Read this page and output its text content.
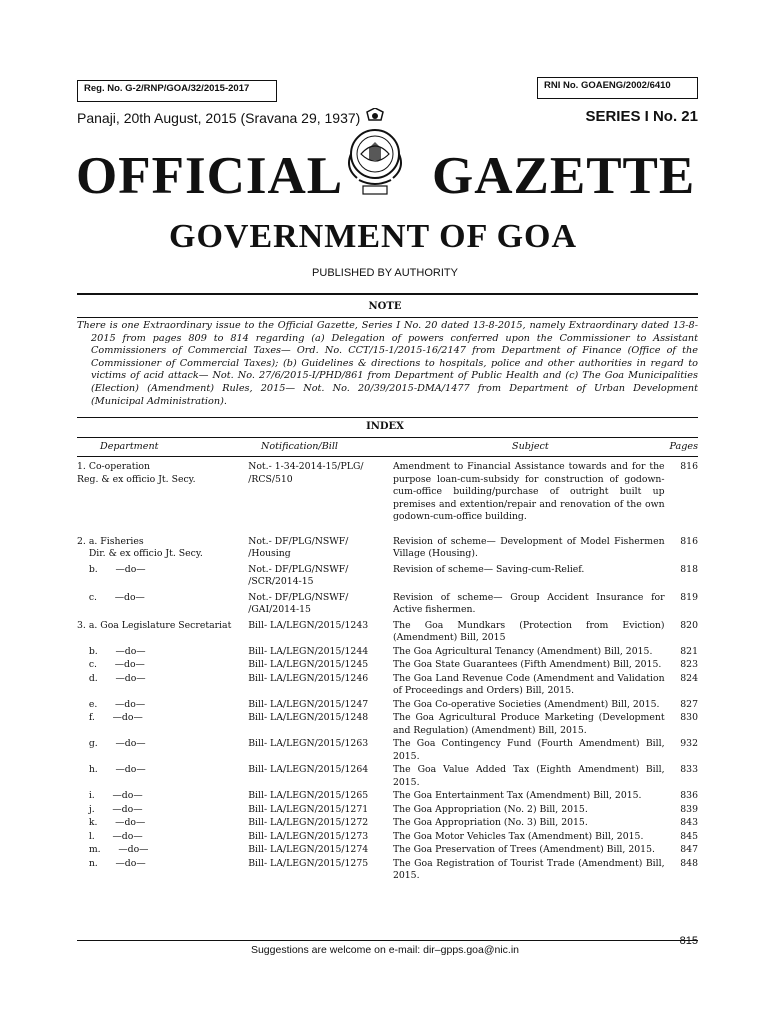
Reg. No. G-2/RNP/GOA/32/2015-2017	RNI No. GOAENG/2002/6410
Panaji, 20th August, 2015 (Sravana 29, 1937)	SERIES I No. 21
OFFICIAL GAZETTE
GOVERNMENT OF GOA
PUBLISHED BY AUTHORITY
NOTE

There is one Extraordinary issue to the Official Gazette, Series I No. 20 dated 13-8-2015, namely Extraordinary dated 13-8-2015 from pages 809 to 814 regarding (a) Delegation of powers conferred upon the Commissioner to Assistant Commissioners of Commercial Taxes— Ord. No. CCT/15-1/2015-16/2147 from Department of Finance (Office of the Commissioner of Commercial Taxes); (b) Guidelines & directions to hospitals, police and other authorities in regard to victims of acid attack— Not. No. 27/6/2015-I/PHD/861 from Department of Public Health and (c) The Goa Municipalities (Election) (Amendment) Rules, 2015— Not. No. 20/39/2015-DMA/1477 from Department of Urban Development (Municipal Administration).

INDEX
Department	Notification/Bill	Subject	Pages
1. Co-operation
Reg. & ex officio Jt. Secy.	Not.- 1-34-2014-15/PLG/
/RCS/510	Amendment to Financial Assistance towards and for the purpose loan-cum-subsidy for construction of godown-cum-office building/purchase of outright built up premises and extention/repair and renovation of the own godown-cum-office building.	816
2. a. Fisheries
Dir. & ex officio Jt. Secy.	Not.- DF/PLG/NSWF/
/Housing	Revision of scheme— Development of Model Fishermen Village (Housing).	816
b.      —do—	Not.- DF/PLG/NSWF/
/SCR/2014-15	Revision of scheme— Saving-cum-Relief.	818
c.      —do—	Not.- DF/PLG/NSWF/
/GAI/2014-15	Revision of scheme— Group Accident Insurance for Active fishermen.	819
3. a. Goa Legislature Secretariat	Bill- LA/LEGN/2015/1243	The Goa Mundkars (Protection from Eviction) (Amendment) Bill, 2015	820
b.      —do—	Bill- LA/LEGN/2015/1244	The Goa Agricultural Tenancy (Amendment) Bill, 2015.	821
c.      —do—	Bill- LA/LEGN/2015/1245	The Goa State Guarantees (Fifth Amendment) Bill, 2015.	823
d.      —do—	Bill- LA/LEGN/2015/1246	The Goa Land Revenue Code (Amendment and Validation of Proceedings and Orders) Bill, 2015.	824
e.      —do—	Bill- LA/LEGN/2015/1247	The Goa Co-operative Societies (Amendment) Bill, 2015.	827
f.      —do—	Bill- LA/LEGN/2015/1248	The Goa Agricultural Produce Marketing (Development and Regulation) (Amendment) Bill, 2015.	830
g.      —do—	Bill- LA/LEGN/2015/1263	The Goa Contingency Fund (Fourth Amendment) Bill, 2015.	932
h.      —do—	Bill- LA/LEGN/2015/1264	The Goa Value Added Tax (Eighth Amendment) Bill, 2015.	833
i.      —do—	Bill- LA/LEGN/2015/1265	The Goa Entertainment Tax (Amendment) Bill, 2015.	836
j.      —do—	Bill- LA/LEGN/2015/1271	The Goa Appropriation (No. 2) Bill, 2015.	839
k.      —do—	Bill- LA/LEGN/2015/1272	The Goa Appropriation (No. 3) Bill, 2015.	843
l.      —do—	Bill- LA/LEGN/2015/1273	The Goa Motor Vehicles Tax (Amendment) Bill, 2015.	845
m.      —do—	Bill- LA/LEGN/2015/1274	The Goa Preservation of Trees (Amendment) Bill, 2015.	847
n.      —do—	Bill- LA/LEGN/2015/1275	The Goa Registration of Tourist Trade (Amendment) Bill, 2015.	848
815
Suggestions are welcome on e-mail: dir–gpps.goa@nic.in
